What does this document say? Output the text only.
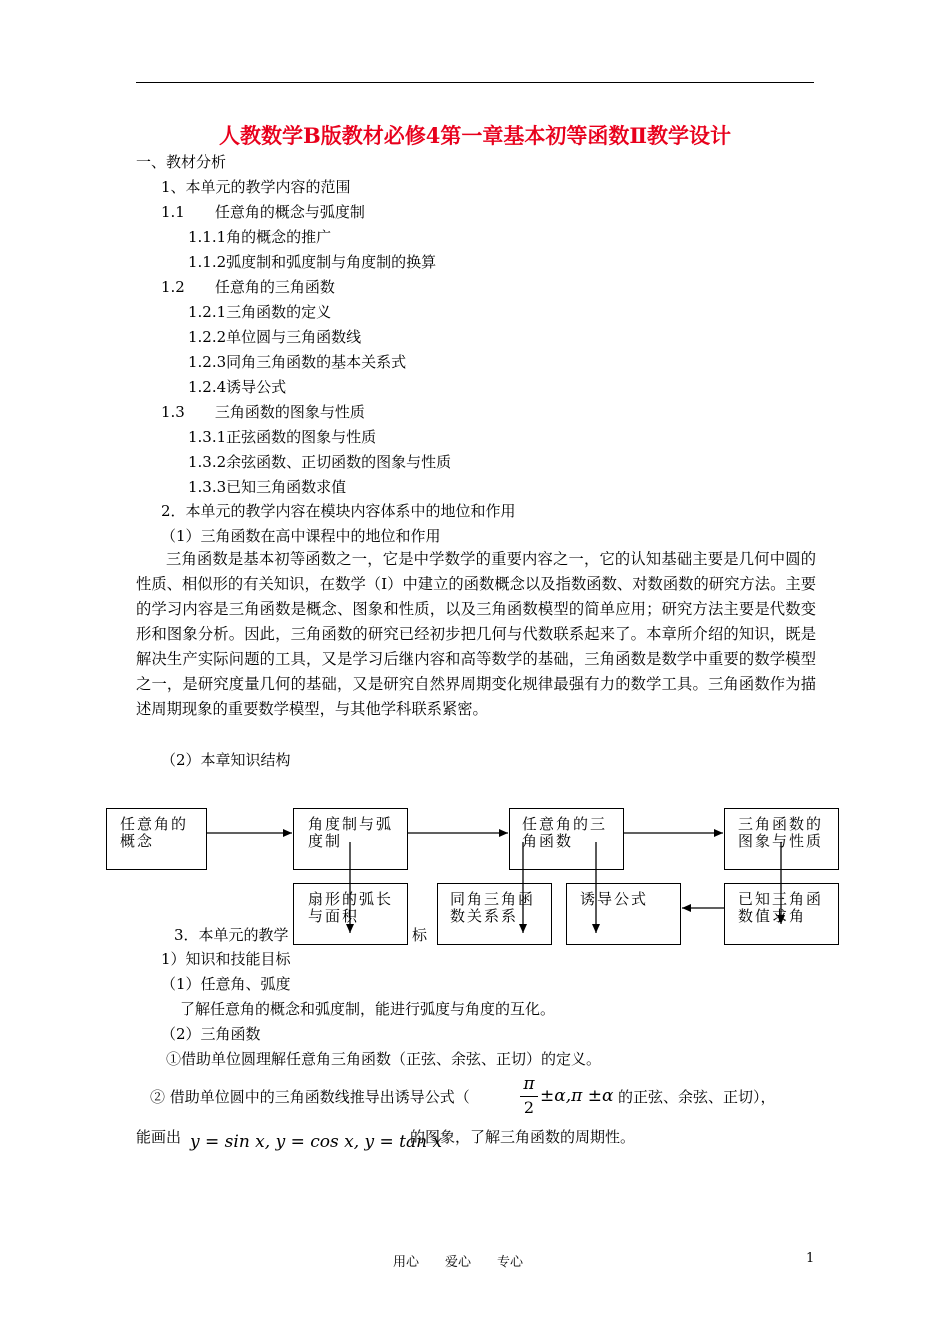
人教数学B版教材必修4第一章基本初等函数Ⅱ教学设计
一、教材分析
1、本单元的教学内容的范围
1.1　　任意角的概念与弧度制
1.1.1角的概念的推广
1.1.2弧度制和弧度制与角度制的换算
1.2　　任意角的三角函数
1.2.1三角函数的定义
1.2.2单位圆与三角函数线
1.2.3同角三角函数的基本关系式
1.2.4诱导公式
1.3　　三角函数的图象与性质
1.3.1正弦函数的图象与性质
1.3.2余弦函数、正切函数的图象与性质
1.3.3已知三角函数求值
2．本单元的教学内容在模块内容体系中的地位和作用
（1）三角函数在高中课程中的地位和作用

三角函数是基本初等函数之一，它是中学数学的重要内容之一，它的认知基础主要是几何中圆的性质、相似形的有关知识，在数学（Ⅰ）中建立的函数概念以及指数函数、对数函数的研究方法。主要的学习内容是三角函数是概念、图象和性质，以及三角函数模型的简单应用；研究方法主要是代数变形和图象分析。因此，三角函数的研究已经初步把几何与代数联系起来了。本章所介绍的知识，既是解决生产实际问题的工具，又是学习后继内容和高等数学的基础，三角函数是数学中重要的数学模型之一，是研究度量几何的基础，又是研究自然界周期变化规律最强有力的数学工具。三角函数作为描述周期现象的重要数学模型，与其他学科联系紧密。

（2）本章知识结构
任意角的概念
角度制与弧度制
任意角的三角函数
三角函数的图象与性质
扇形的弧长与面积
同角三角函数关系系
诱导公式	已知三角函数值求角
3．本单元的教学	标
1）知识和技能目标
（1）任意角、弧度
了解任意角的概念和弧度制，能进行弧度与角度的互化。
（2）三角函数
①借助单位圆理解任意角三角函数（正弦、余弦、正切）的定义。
② 借助单位圆中的三角函数线推导出诱导公式（
π
2
±α,π ±α 的正弦、余弦、正切），
能画出 y = sin x, y = cos x, y = tan x
的图象，了解三角函数的周期性。
用心　　爱心　　专心	1
